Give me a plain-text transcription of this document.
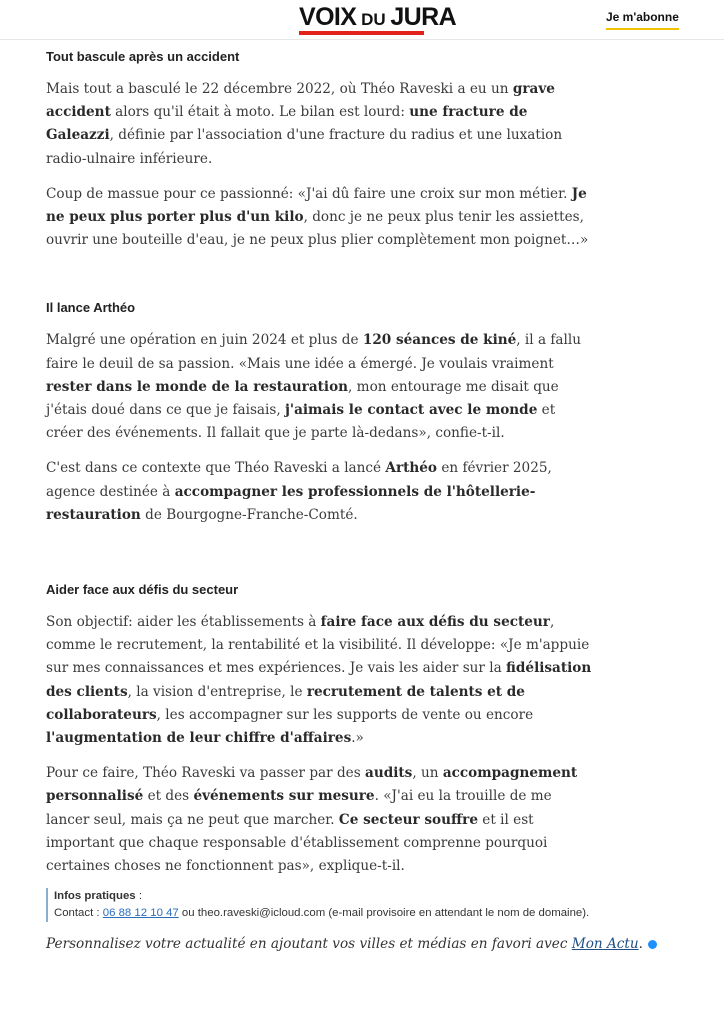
VOIX DU JURA	Je m'abonne
Tout bascule après un accident

Mais tout a basculé le 22 décembre 2022, où Théo Raveski a eu un grave accident alors qu'il était à moto. Le bilan est lourd: une fracture de Galeazzi, définie par l'association d'une fracture du radius et une luxation radio-ulnaire inférieure.

Coup de massue pour ce passionné: «J'ai dû faire une croix sur mon métier. Je ne peux plus porter plus d'un kilo, donc je ne peux plus tenir les assiettes, ouvrir une bouteille d'eau, je ne peux plus plier complètement mon poignet…»

Il lance Arthéo

Malgré une opération en juin 2024 et plus de 120 séances de kiné, il a fallu faire le deuil de sa passion. «Mais une idée a émergé. Je voulais vraiment rester dans le monde de la restauration, mon entourage me disait que j'étais doué dans ce que je faisais, j'aimais le contact avec le monde et créer des événements. Il fallait que je parte là-dedans», confie-t-il.

C'est dans ce contexte que Théo Raveski a lancé Arthéo en février 2025, agence destinée à accompagner les professionnels de l'hôtellerie-restauration de Bourgogne-Franche-Comté.

Aider face aux défis du secteur

Son objectif: aider les établissements à faire face aux défis du secteur, comme le recrutement, la rentabilité et la visibilité. Il développe: «Je m'appuie sur mes connaissances et mes expériences. Je vais les aider sur la fidélisation des clients, la vision d'entreprise, le recrutement de talents et de collaborateurs, les accompagner sur les supports de vente ou encore l'augmentation de leur chiffre d'affaires.»

Pour ce faire, Théo Raveski va passer par des audits, un accompagnement personnalisé et des événements sur mesure. «J'ai eu la trouille de me lancer seul, mais ça ne peut que marcher. Ce secteur souffre et il est important que chaque responsable d'établissement comprenne pourquoi certaines choses ne fonctionnent pas», explique-t-il.

Infos pratiques :
Contact : 06 88 12 10 47 ou theo.raveski@icloud.com (e-mail provisoire en attendant le nom de domaine).
Personnalisez votre actualité en ajoutant vos villes et médias en favori avec Mon Actu.
